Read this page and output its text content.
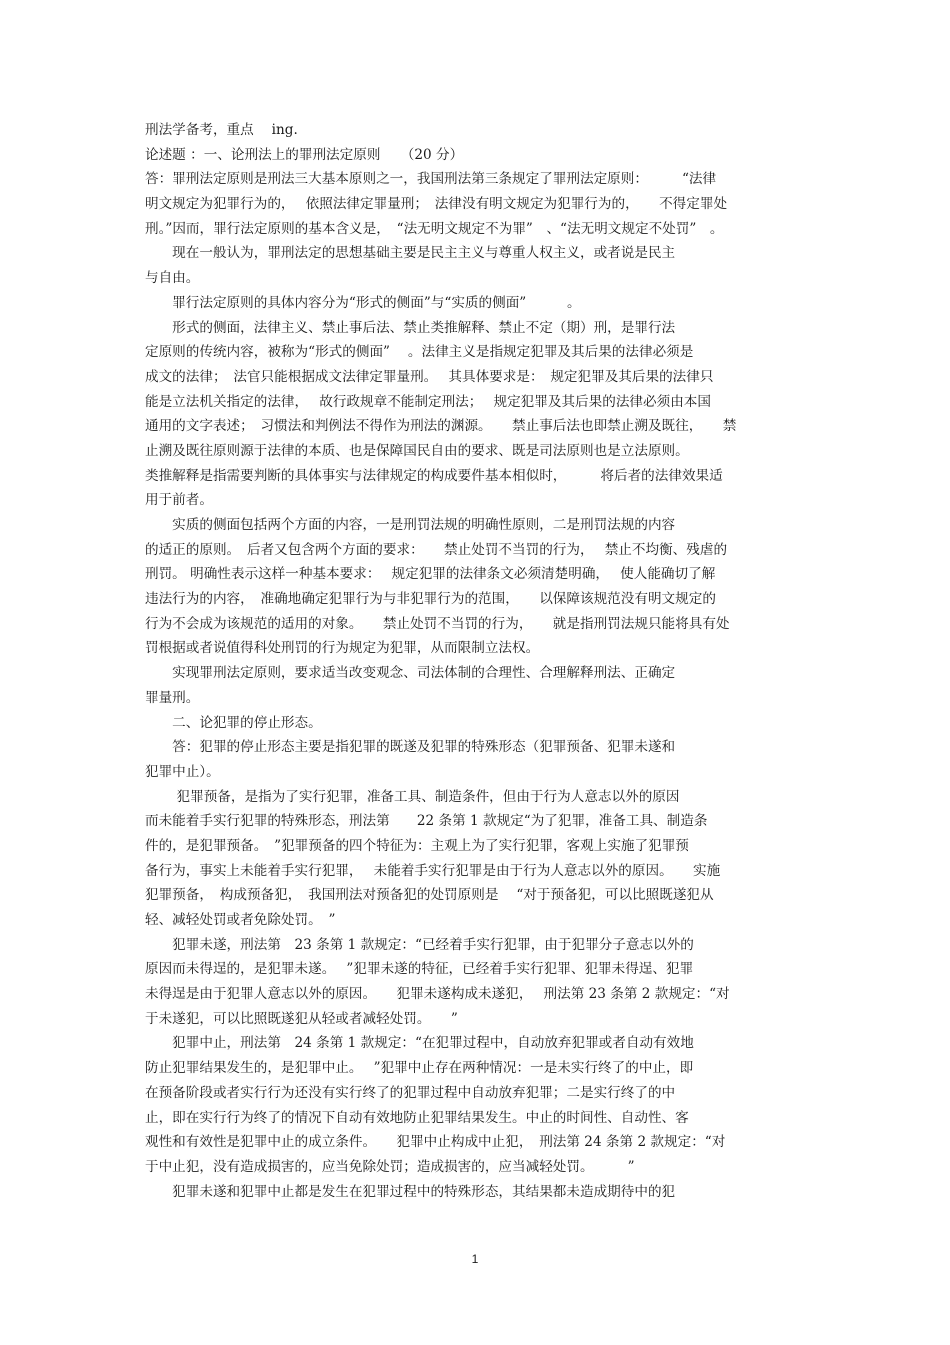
刑法学备考，重点　 ing.
论述题 ：一、论刑法上的罪刑法定原则　　（20 分）
答：罪刑法定原则是刑法三大基本原则之一，我国刑法第三条规定了罪刑法定原则：　　　“法律
明文规定为犯罪行为的，　 依照法律定罪量刑；　法律没有明文规定为犯罪行为的，　　不得定罪处
刑。”因而，罪行法定原则的基本含义是，　“法无明文规定不为罪”　、“法无明文规定不处罚”　。
　　现在一般认为，罪刑法定的思想基础主要是民主主义与尊重人权主义，或者说是民主
与自由。
　　罪行法定原则的具体内容分为“形式的侧面”与“实质的侧面”　　　。
　　形式的侧面，法律主义、禁止事后法、禁止类推解释、禁止不定（期）刑，是罪行法
定原则的传统内容，被称为“形式的侧面”　 。法律主义是指规定犯罪及其后果的法律必须是
成文的法律；　法官只能根据成文法律定罪量刑。　 其具体要求是：　规定犯罪及其后果的法律只
能是立法机关指定的法律，　 故行政规章不能制定刑法；　 规定犯罪及其后果的法律必须由本国
通用的文字表述；　习惯法和判例法不得作为刑法的渊源。　　禁止事后法也即禁止溯及既往，　　禁
止溯及既往原则源于法律的本质、也是保障国民自由的要求、既是司法原则也是立法原则。
类推解释是指需要判断的具体事实与法律规定的构成要件基本相似时，　　　将后者的法律效果适
用于前者。
　　实质的侧面包括两个方面的内容，一是刑罚法规的明确性原则，二是刑罚法规的内容
的适正的原则。　后者又包含两个方面的要求：　　禁止处罚不当罚的行为，　 禁止不均衡、残虐的
刑罚。 明确性表示这样一种基本要求：　 规定犯罪的法律条文必须清楚明确，　 使人能确切了解
违法行为的内容，　准确地确定犯罪行为与非犯罪行为的范围，　　以保障该规范没有明文规定的
行为不会成为该规范的适用的对象。　　禁止处罚不当罚的行为，　　就是指刑罚法规只能将具有处
罚根据或者说值得科处刑罚的行为规定为犯罪，从而限制立法权。
　　实现罪刑法定原则，要求适当改变观念、司法体制的合理性、合理解释刑法、正确定
罪量刑。
　　二、论犯罪的停止形态。
　　答：犯罪的停止形态主要是指犯罪的既遂及犯罪的特殊形态（犯罪预备、犯罪未遂和
犯罪中止）。
　　 犯罪预备，是指为了实行犯罪，准备工具、制造条件，但由于行为人意志以外的原因
而未能着手实行犯罪的特殊形态，刑法第　　22 条第 1 款规定“为了犯罪，准备工具、制造条
件的，是犯罪预备。　”犯罪预备的四个特征为：主观上为了实行犯罪，客观上实施了犯罪预
备行为，事实上未能着手实行犯罪，　 未能着手实行犯罪是由于行为人意志以外的原因。　　实施
犯罪预备，　构成预备犯，　我国刑法对预备犯的处罚原则是　 “对于预备犯，可以比照既遂犯从
轻、减轻处罚或者免除处罚。　”
　　犯罪未遂，刑法第　23 条第 1 款规定：“已经着手实行犯罪，由于犯罪分子意志以外的
原因而未得逞的，是犯罪未遂。　 ”犯罪未遂的特征，已经着手实行犯罪、犯罪未得逞、犯罪
未得逞是由于犯罪人意志以外的原因。　　犯罪未遂构成未遂犯，　 刑法第 23 条第 2 款规定：“对
于未遂犯，可以比照既遂犯从轻或者减轻处罚。　　”
　　犯罪中止，刑法第　24 条第 1 款规定：“在犯罪过程中，自动放弃犯罪或者自动有效地
防止犯罪结果发生的，是犯罪中止。　 ”犯罪中止存在两种情况：一是未实行终了的中止，即
在预备阶段或者实行行为还没有实行终了的犯罪过程中自动放弃犯罪；二是实行终了的中
止，即在实行行为终了的情况下自动有效地防止犯罪结果发生。中止的时间性、自动性、客
观性和有效性是犯罪中止的成立条件。　　犯罪中止构成中止犯，　刑法第 24 条第 2 款规定：“对
于中止犯，没有造成损害的，应当免除处罚；造成损害的，应当减轻处罚。　　　”
　　犯罪未遂和犯罪中止都是发生在犯罪过程中的特殊形态，其结果都未造成期待中的犯
1
